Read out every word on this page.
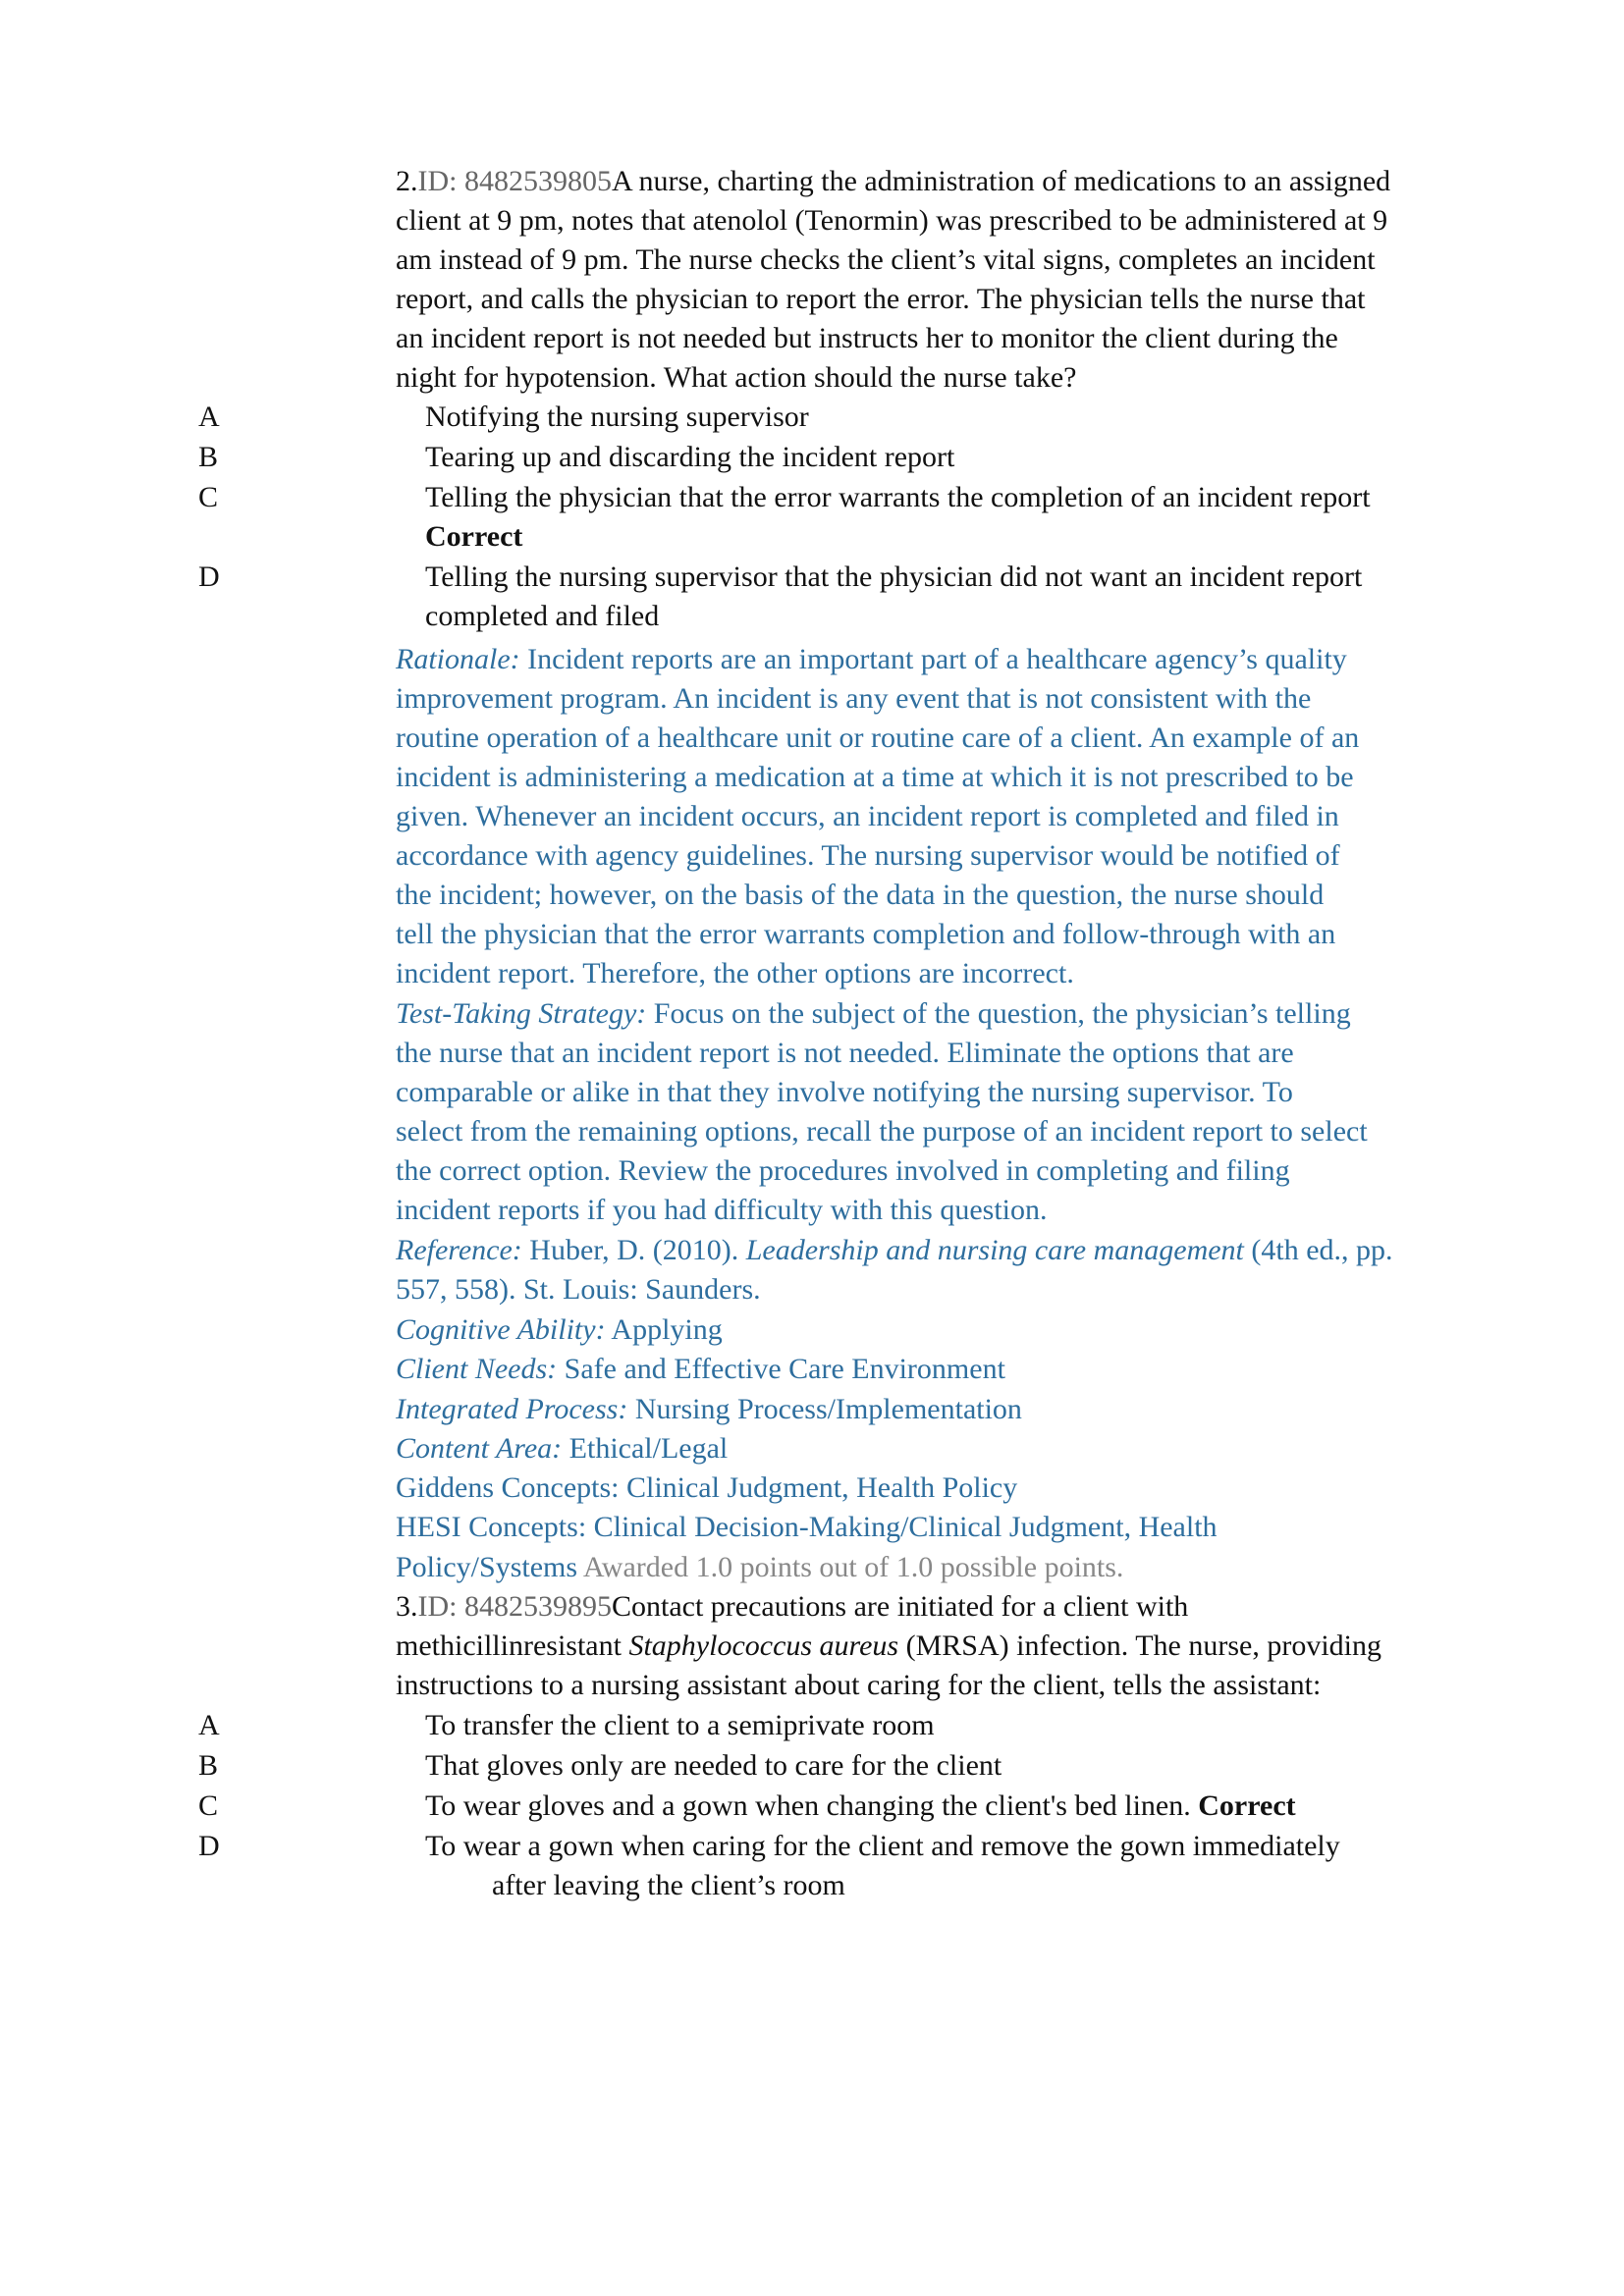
2.ID: 8482539805A nurse, charting the administration of medications to an assigned
client at 9 pm, notes that atenolol (Tenormin) was prescribed to be administered at 9
am instead of 9 pm. The nurse checks the client’s vital signs, completes an incident
report, and calls the physician to report the error. The physician tells the nurse that
an incident report is not needed but instructs her to monitor the client during the
night for hypotension. What action should the nurse take?
A	Notifying the nursing supervisor
B	Tearing up and discarding the incident report
C	Telling the physician that the error warrants the completion of an incident report
Correct
D	Telling the nursing supervisor that the physician did not want an incident report
completed and filed
Rationale: Incident reports are an important part of a healthcare agency’s quality
improvement program. An incident is any event that is not consistent with the
routine operation of a healthcare unit or routine care of a client. An example of an
incident is administering a medication at a time at which it is not prescribed to be
given. Whenever an incident occurs, an incident report is completed and filed in
accordance with agency guidelines. The nursing supervisor would be notified of
the incident; however, on the basis of the data in the question, the nurse should
tell the physician that the error warrants completion and follow-through with an
incident report. Therefore, the other options are incorrect.
Test-Taking Strategy: Focus on the subject of the question, the physician’s telling
the nurse that an incident report is not needed. Eliminate the options that are
comparable or alike in that they involve notifying the nursing supervisor. To
select from the remaining options, recall the purpose of an incident report to select
the correct option. Review the procedures involved in completing and filing
incident reports if you had difficulty with this question.
Reference: Huber, D. (2010). Leadership and nursing care management (4th ed., pp.
557, 558). St. Louis: Saunders.
Cognitive Ability: Applying
Client Needs: Safe and Effective Care Environment
Integrated Process: Nursing Process/Implementation
Content Area: Ethical/Legal
Giddens Concepts: Clinical Judgment, Health Policy
HESI Concepts: Clinical Decision-Making/Clinical Judgment, Health
Policy/Systems Awarded 1.0 points out of 1.0 possible points.
3.ID: 8482539895Contact precautions are initiated for a client with
methicillinresistant Staphylococcus aureus (MRSA) infection. The nurse, providing
instructions to a nursing assistant about caring for the client, tells the assistant:
A	To transfer the client to a semiprivate room
B	That gloves only are needed to care for the client
C	To wear gloves and a gown when changing the client's bed linen. Correct
D	To wear a gown when caring for the client and remove the gown immediately
after leaving the client’s room
